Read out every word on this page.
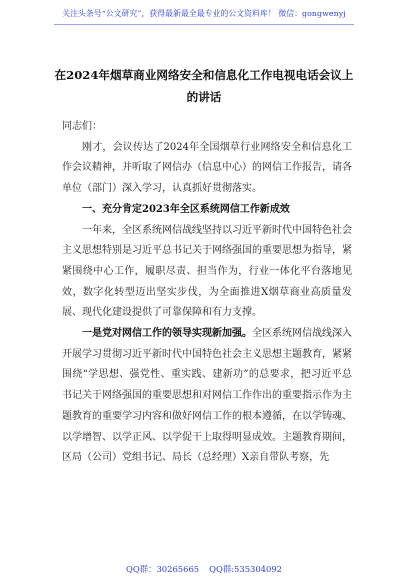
关注头条号“公文研究”，获得最新最全最专业的公文资料库！ 微信：gongwenyj
在2024年烟草商业网络安全和信息化工作电视电话会议上的讲话

同志们：

刚才，会议传达了2024年全国烟草行业网络安全和信息化工作会议精神，并听取了网信办（信息中心）的网信工作报告，请各单位（部门）深入学习，认真抓好贯彻落实。

一、充分肯定2023年全区系统网信工作新成效

一年来，全区系统网信战线坚持以习近平新时代中国特色社会主义思想特别是习近平总书记关于网络强国的重要思想为指导，紧紧围绕中心工作，履职尽责、担当作为，行业一体化平台落地见效，数字化转型迈出坚实步伐，为全面推进X烟草商业高质量发展、现代化建设提供了可靠保障和有力支撑。

一是党对网信工作的领导实现新加强。全区系统网信战线深入开展学习贯彻习近平新时代中国特色社会主义思想主题教育，紧紧围绕“学思想、强党性、重实践、建新功”的总要求，把习近平总书记关于网络强国的重要思想和对网信工作作出的重要指示作为主题教育的重要学习内容和做好网信工作的根本遵循，在以学铸魂、以学增智、以学正风、以学促干上取得明显成效。主题教育期间，区局（公司）党组书记、局长（总经理）X亲自带队考察，先

QQ群：30265665 QQ群:535304092
